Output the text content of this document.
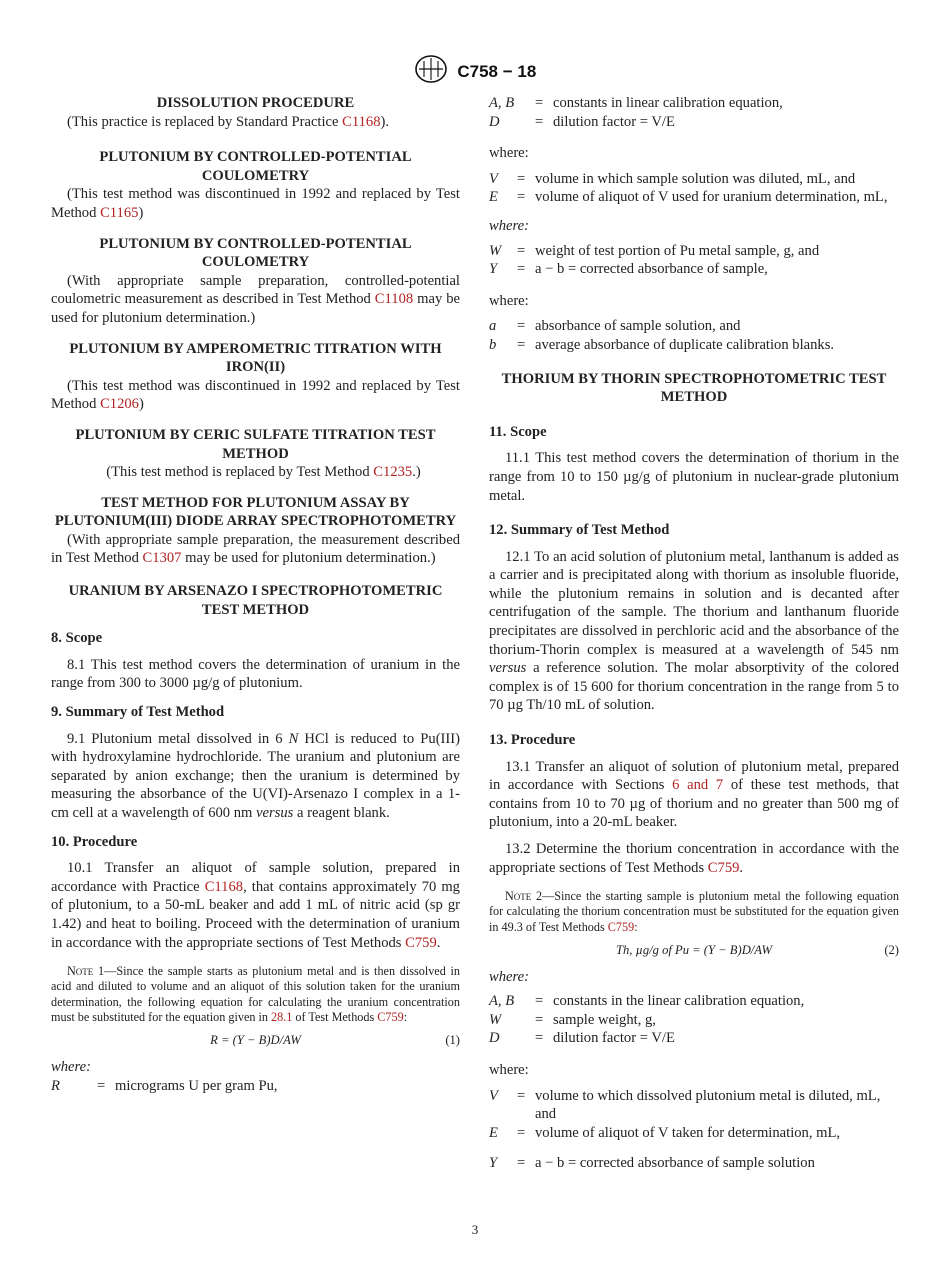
C758 − 18

DISSOLUTION PROCEDURE

(This practice is replaced by Standard Practice C1168).

PLUTONIUM BY CONTROLLED-POTENTIAL COULOMETRY

(This test method was discontinued in 1992 and replaced by Test Method C1165)

PLUTONIUM BY CONTROLLED-POTENTIAL COULOMETRY

(With appropriate sample preparation, controlled-potential coulometric measurement as described in Test Method C1108 may be used for plutonium determination.)

PLUTONIUM BY AMPEROMETRIC TITRATION WITH IRON(II)

(This test method was discontinued in 1992 and replaced by Test Method C1206)

PLUTONIUM BY CERIC SULFATE TITRATION TEST METHOD

(This test method is replaced by Test Method C1235.)

TEST METHOD FOR PLUTONIUM ASSAY BY PLUTONIUM(III) DIODE ARRAY SPECTROPHOTOMETRY

(With appropriate sample preparation, the measurement described in Test Method C1307 may be used for plutonium determination.)

URANIUM BY ARSENAZO I SPECTROPHOTOMETRIC TEST METHOD

8. Scope

8.1 This test method covers the determination of uranium in the range from 300 to 3000 µg/g of plutonium.

9. Summary of Test Method

9.1 Plutonium metal dissolved in 6 N HCl is reduced to Pu(III) with hydroxylamine hydrochloride. The uranium and plutonium are separated by anion exchange; then the uranium is determined by measuring the absorbance of the U(VI)-Arsenazo I complex in a 1-cm cell at a wavelength of 600 nm versus a reagent blank.

10. Procedure

10.1 Transfer an aliquot of sample solution, prepared in accordance with Practice C1168, that contains approximately 70 mg of plutonium, to a 50-mL beaker and add 1 mL of nitric acid (sp gr 1.42) and heat to boiling. Proceed with the determination of uranium in accordance with the appropriate sections of Test Methods C759.

Note 1—Since the sample starts as plutonium metal and is then dissolved in acid and diluted to volume and an aliquot of this solution taken for the uranium determination, the following equation for calculating the uranium concentration must be substituted for the equation given in 28.1 of Test Methods C759:

R = (Y − B)D/AW	(1)

where:

R	= micrograms U per gram Pu,
A, B	= constants in linear calibration equation,
D	= dilution factor = V/E

where:

V	= volume in which sample solution was diluted, mL, and
E	= volume of aliquot of V used for uranium determination, mL,

where:

W	= weight of test portion of Pu metal sample, g, and
Y	= a − b = corrected absorbance of sample,

where:

a	= absorbance of sample solution, and
b	= average absorbance of duplicate calibration blanks.

THORIUM BY THORIN SPECTROPHOTOMETRIC TEST METHOD

11. Scope

11.1 This test method covers the determination of thorium in the range from 10 to 150 µg/g of plutonium in nuclear-grade plutonium metal.

12. Summary of Test Method

12.1 To an acid solution of plutonium metal, lanthanum is added as a carrier and is precipitated along with thorium as insoluble fluoride, while the plutonium remains in solution and is decanted after centrifugation of the sample. The thorium and lanthanum fluoride precipitates are dissolved in perchloric acid and the absorbance of the thorium-Thorin complex is measured at a wavelength of 545 nm versus a reference solution. The molar absorptivity of the colored complex is of 15 600 for thorium concentration in the range from 5 to 70 µg Th/10 mL of solution.

13. Procedure

13.1 Transfer an aliquot of solution of plutonium metal, prepared in accordance with Sections 6 and 7 of these test methods, that contains from 10 to 70 µg of thorium and no greater than 500 mg of plutonium, into a 20-mL beaker.

13.2 Determine the thorium concentration in accordance with the appropriate sections of Test Methods C759.

Note 2—Since the starting sample is plutonium metal the following equation for calculating the thorium concentration must be substituted for the equation given in 49.3 of Test Methods C759:

Th, µg/g of Pu = (Y − B)D/AW	(2)

where:

A, B	= constants in the linear calibration equation,
W	= sample weight, g,
D	= dilution factor = V/E

where:

V	= volume to which dissolved plutonium metal is diluted, mL, and
E	= volume of aliquot of V taken for determination, mL,
Y	= a − b = corrected absorbance of sample solution
3
